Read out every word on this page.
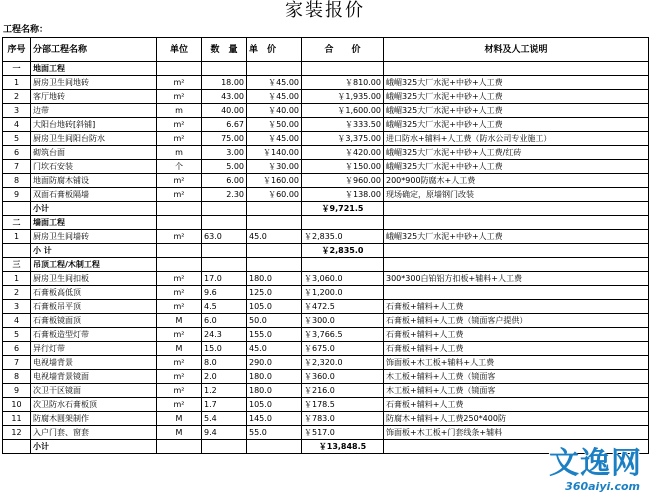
家装报价
工程名称：
序号	分部工程名称	单位	数　量	单　价	合　　价	材料及人工说明
一	地面工程					
1	厨房卫生间地砖	m²	18.00	￥45.00	￥810.00	峨嵋325大厂水泥+中砂+人工费
2	客厅地砖	m²	43.00	￥45.00	￥1,935.00	峨嵋325大厂水泥+中砂+人工费
3	边带	m	40.00	￥40.00	￥1,600.00	峨嵋325大厂水泥+中砂+人工费
4	大阳台地砖[斜铺]	m²	6.67	￥50.00	￥333.50	峨嵋325大厂水泥+中砂+人工费
5	厨房卫生间阳台防水	m²	75.00	￥45.00	￥3,375.00	进口防水+辅料+人工费（防水公司专业施工）
6	砌筑台面	m	3.00	￥140.00	￥420.00	峨嵋325大厂水泥+中砂+人工费/红砖
7	门坎石安装	个	5.00	￥30.00	￥150.00	峨嵋325大厂水泥+中砂+人工费
8	地面防腐木铺设	m²	6.00	￥160.00	￥960.00	200*900防腐木+人工费
9	双面石膏板隔墙	m²	2.30	￥60.00	￥138.00	现场确定，原墙钢门改装
	小计				￥9,721.5	
二	墙面工程					
1	厨房卫生间墙砖	m²	63.0	45.0	￥2,835.0	峨嵋325大厂水泥+中砂+人工费
	小 计				￥2,835.0	
三	吊顶工程/木制工程					
1	厨房卫生间扣板	m²	17.0	180.0	￥3,060.0	300*300白铂铝方扣板+辅料+人工费
2	石膏板高低顶	m²	9.6	125.0	￥1,200.0	
3	石膏板吊平顶	m²	4.5	105.0	￥472.5	石膏板+辅料+人工费
4	石膏板镜面顶	M	6.0	50.0	￥300.0	石膏板+辅料+人工费（镜面客户提供）
5	石膏板造型灯带	m²	24.3	155.0	￥3,766.5	石膏板+辅料+人工费
6	异行灯带	M	15.0	45.0	￥675.0	石膏板+辅料+人工费
7	电视墙背景	m²	8.0	290.0	￥2,320.0	饰面板+木工板+辅料+人工费
8	电视墙背景镜面	m²	2.0	180.0	￥360.0	木工板+辅料+人工费（镜面客
9	次卫干区镜面	m²	1.2	180.0	￥216.0	木工板+辅料+人工费（镜面客
10	次卫防水石膏板顶	m²	1.7	105.0	￥178.5	石膏板+辅料+人工费
11	防腐木圆架制作	M	5.4	145.0	￥783.0	防腐木+辅料+人工费250*400防
12	入户门套、窗套	M	9.4	55.0	￥517.0	饰面板+木工板+门套线条+辅料
	小计				￥13,848.5		文逸网
360aiyi.com
